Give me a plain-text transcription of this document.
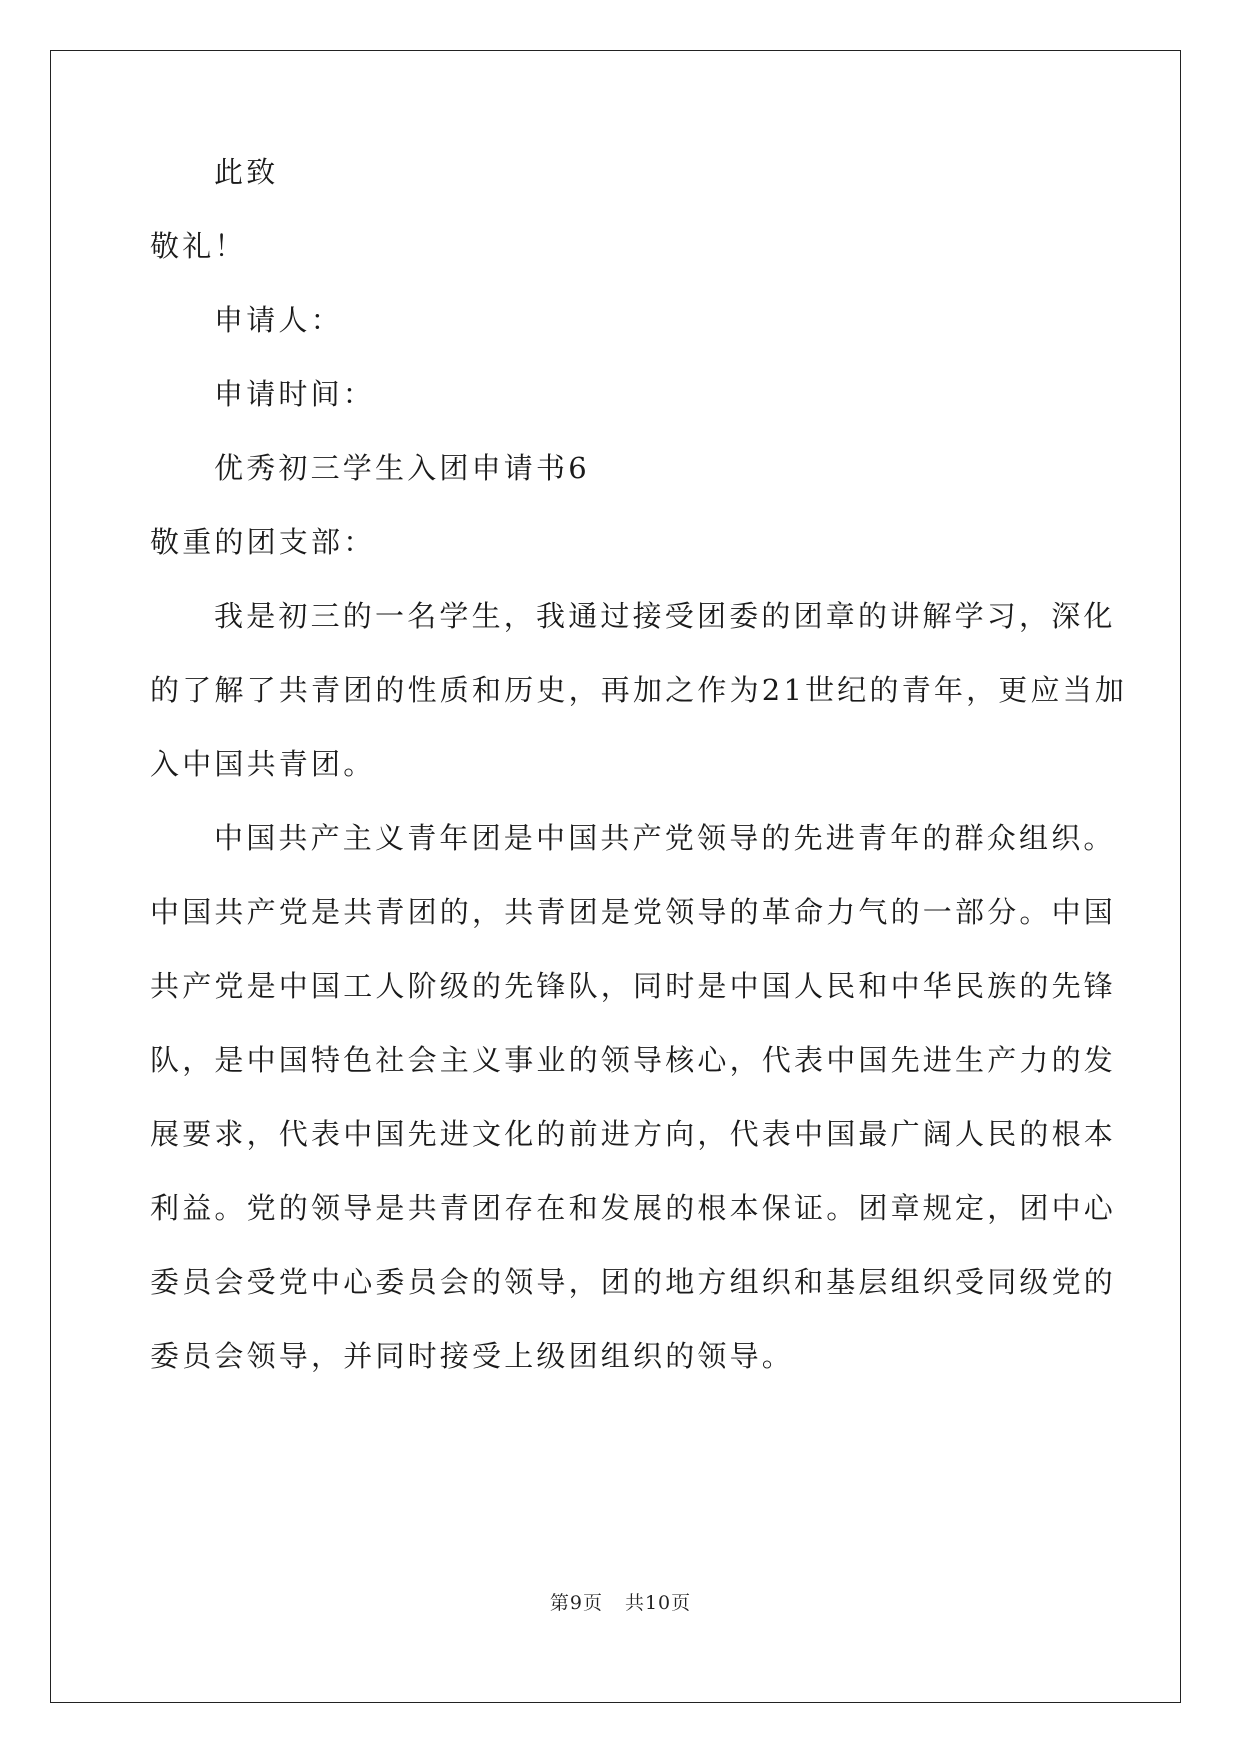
此致
敬礼！
申请人：
申请时间：
优秀初三学生入团申请书6
敬重的团支部：
我是初三的一名学生，我通过接受团委的团章的讲解学习，深化
的了解了共青团的性质和历史，再加之作为21世纪的青年，更应当加
入中国共青团。
中国共产主义青年团是中国共产党领导的先进青年的群众组织。
中国共产党是共青团的，共青团是党领导的革命力气的一部分。中国
共产党是中国工人阶级的先锋队，同时是中国人民和中华民族的先锋
队，是中国特色社会主义事业的领导核心，代表中国先进生产力的发
展要求，代表中国先进文化的前进方向，代表中国最广阔人民的根本
利益。党的领导是共青团存在和发展的根本保证。团章规定，团中心
委员会受党中心委员会的领导，团的地方组织和基层组织受同级党的
委员会领导，并同时接受上级团组织的领导。
第9页 共10页
